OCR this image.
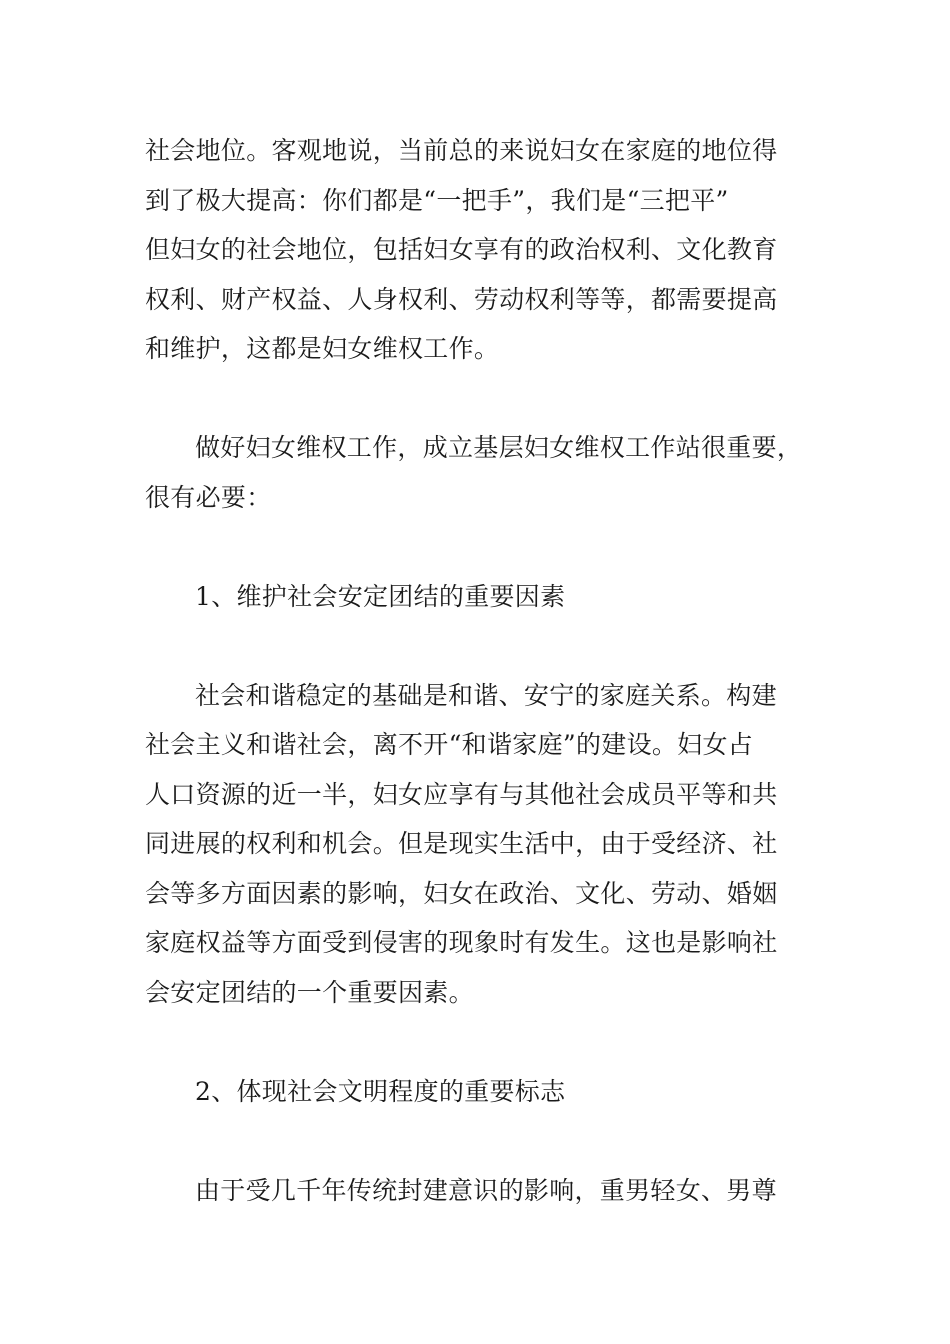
社会地位。客观地说，当前总的来说妇女在家庭的地位得
到了极大提高：你们都是“一把手”，我们是“三把平”
但妇女的社会地位，包括妇女享有的政治权利、文化教育
权利、财产权益、人身权利、劳动权利等等，都需要提高
和维护，这都是妇女维权工作。
做好妇女维权工作，成立基层妇女维权工作站很重要，
很有必要：
1、维护社会安定团结的重要因素
社会和谐稳定的基础是和谐、安宁的家庭关系。构建
社会主义和谐社会，离不开“和谐家庭”的建设。妇女占
人口资源的近一半，妇女应享有与其他社会成员平等和共
同进展的权利和机会。但是现实生活中，由于受经济、社
会等多方面因素的影响，妇女在政治、文化、劳动、婚姻
家庭权益等方面受到侵害的现象时有发生。这也是影响社
会安定团结的一个重要因素。
2、体现社会文明程度的重要标志
由于受几千年传统封建意识的影响，重男轻女、男尊
